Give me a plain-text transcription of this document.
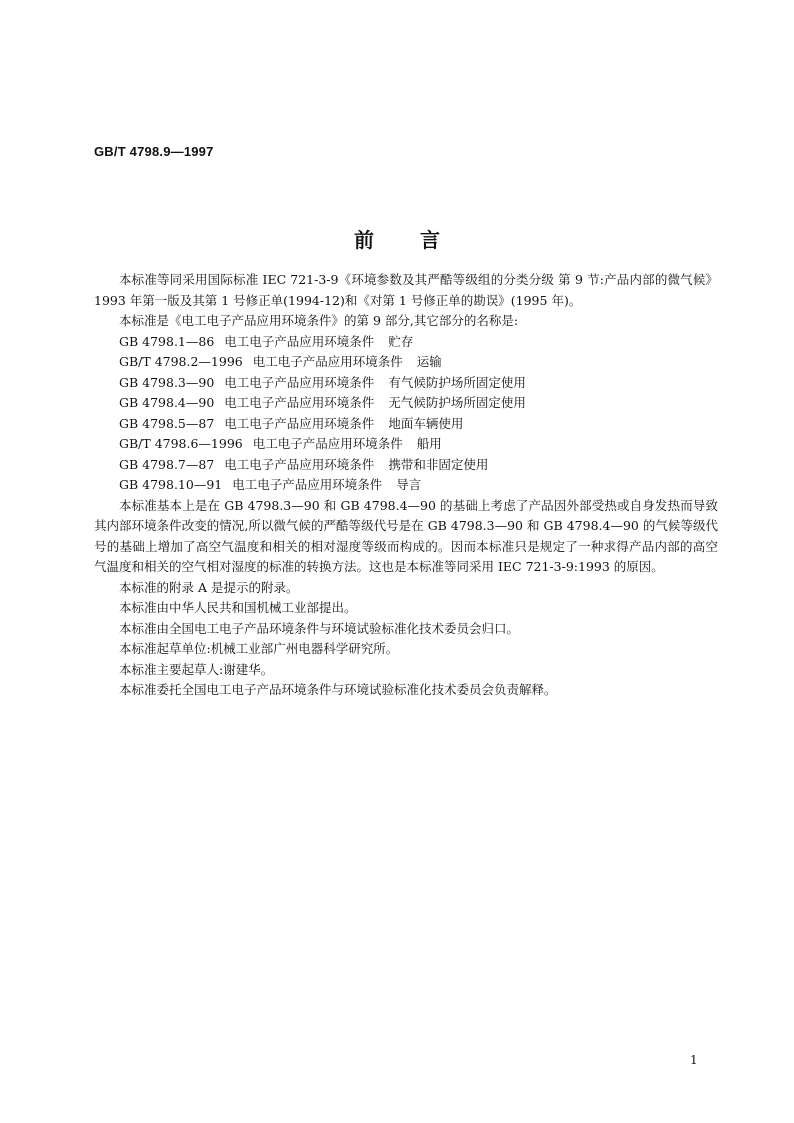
GB/T 4798.9—1997
前言

本标准等同采用国际标准 IEC 721-3-9《环境参数及其严酷等级组的分类分级 第 9 节:产品内部的微气候》1993 年第一版及其第 1 号修正单(1994-12)和《对第 1 号修正单的勘误》(1995 年)。

本标准是《电工电子产品应用环境条件》的第 9 部分,其它部分的名称是:

GB 4798.1—86 电工电子产品应用环境条件 贮存

GB/T 4798.2—1996 电工电子产品应用环境条件 运输

GB 4798.3—90 电工电子产品应用环境条件 有气候防护场所固定使用

GB 4798.4—90 电工电子产品应用环境条件 无气候防护场所固定使用

GB 4798.5—87 电工电子产品应用环境条件 地面车辆使用

GB/T 4798.6—1996 电工电子产品应用环境条件 船用

GB 4798.7—87 电工电子产品应用环境条件 携带和非固定使用

GB 4798.10—91 电工电子产品应用环境条件 导言

本标准基本上是在 GB 4798.3—90 和 GB 4798.4—90 的基础上考虑了产品因外部受热或自身发热而导致其内部环境条件改变的情况,所以微气候的严酷等级代号是在 GB 4798.3—90 和 GB 4798.4—90 的气候等级代号的基础上增加了高空气温度和相关的相对湿度等级而构成的。因而本标准只是规定了一种求得产品内部的高空气温度和相关的空气相对湿度的标准的转换方法。这也是本标准等同采用 IEC 721-3-9:1993 的原因。

本标准的附录 A 是提示的附录。

本标准由中华人民共和国机械工业部提出。

本标准由全国电工电子产品环境条件与环境试验标准化技术委员会归口。

本标准起草单位:机械工业部广州电器科学研究所。

本标准主要起草人:谢建华。

本标准委托全国电工电子产品环境条件与环境试验标准化技术委员会负责解释。

1
